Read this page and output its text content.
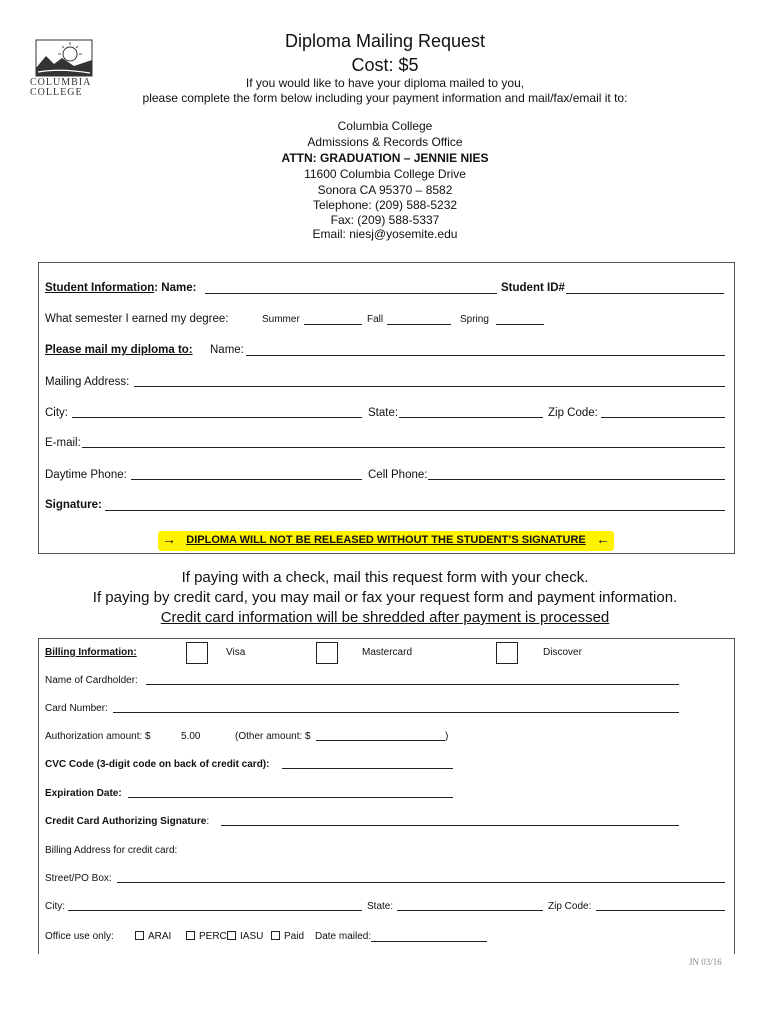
COLUMBIA
COLLEGE
Diploma Mailing Request
Cost: $5
If you would like to have your diploma mailed to you,
please complete the form below including your payment information and mail/fax/email it to:
Columbia College
Admissions & Records Office
ATTN: GRADUATION – JENNIE NIES
11600 Columbia College Drive
Sonora CA 95370 – 8582
Telephone: (209) 588-5232
Fax: (209) 588-5337
Email: niesj@yosemite.edu
Student Information: Name:	Student ID#
What semester I earned my degree:	Summer	Fall	Spring
Please mail my diploma to: Name:
Mailing Address:
City:	State:	Zip Code:
E-mail:
Daytime Phone:	Cell Phone:
Signature:
→ DIPLOMA WILL NOT BE RELEASED WITHOUT THE STUDENT’S SIGNATURE ←
If paying with a check, mail this request form with your check.
If paying by credit card, you may mail or fax your request form and payment information.
Credit card information will be shredded after payment is processed
Billing Information:	Visa	Mastercard	Discover
Name of Cardholder:
Card Number:
Authorization amount: $	5.00	(Other amount: $	)
CVC Code (3-digit code on back of credit card):
Expiration Date:
Credit Card Authorizing Signature:
Billing Address for credit card:
Street/PO Box:
City:	State:	Zip Code:
Office use only:	ARAI	PERC	IASU	Paid Date mailed:
JN 03/16
